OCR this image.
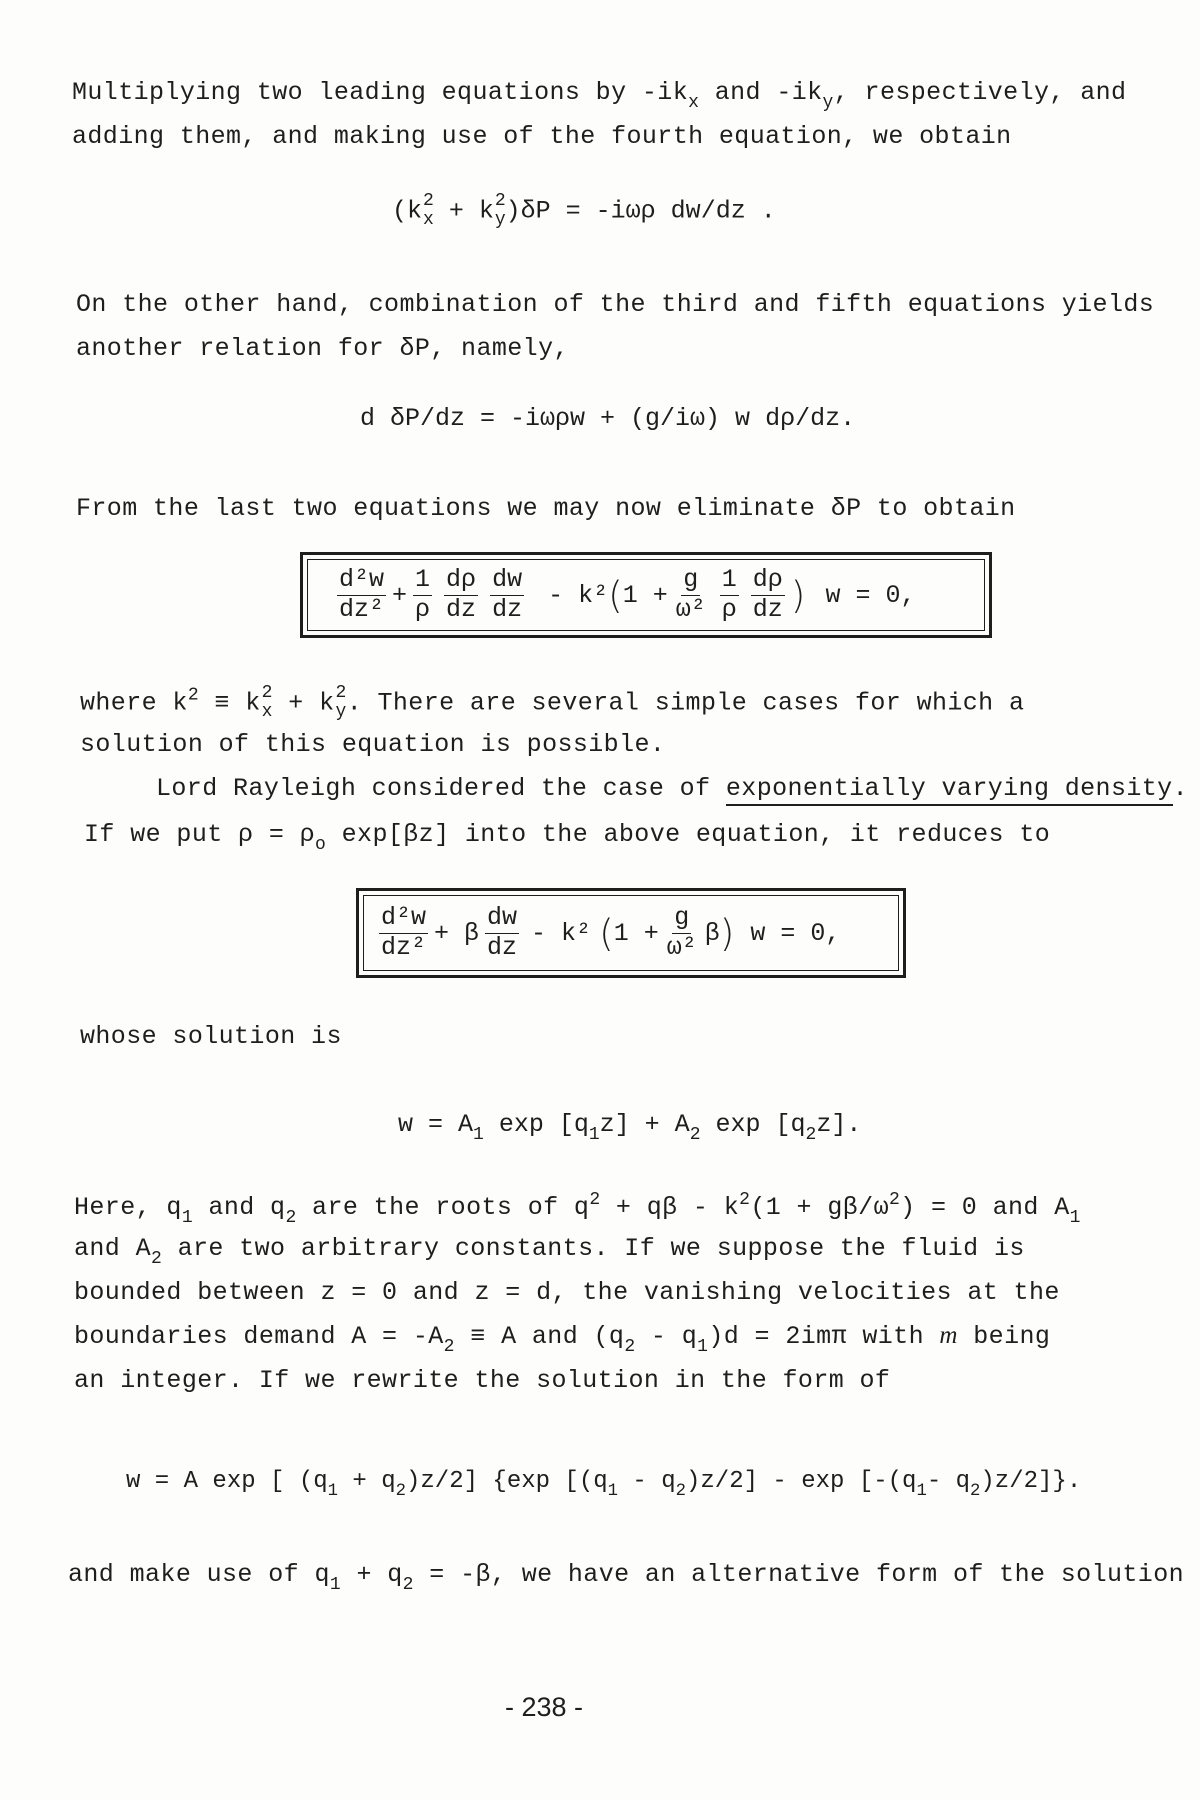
Multiplying two leading equations by $-ik_x$ and $-ik_y$, respectively, and
adding them, and making use of the fourth equation, we obtain
(k 2
x + k 2
y )δP = -iωρ dw/dz .
On the other hand, combination of the third and fifth equations yields
another relation for δP, namely,
d δP/dz = -iωρw + (g/iω) w dρ/dz.
From the last two equations we may now eliminate δP to obtain
$\frac{\text{d²w}}{\text{dz²}} + \frac{1}{\rho} \frac{d\rho}{dz} \frac{dw}{dz} - k^2$ ( $1 + \frac{g}{\text{ω²}} \frac{1}{\rho} \frac{d\rho}{dz}$ ) w = 0,
where $k^2 \equiv k$ 2
x + k 2
y . There are several simple cases for which a
solution of this equation is possible.
Lord Rayleigh considered the case of exponentially varying density.
If we put $\rho = \rho_o$ exp[βz] into the above equation, it reduces to
$\frac{\text{d²w}}{\text{dz²}} + \beta \frac{dw}{dz} - k^2$ ( $1 + \frac{g}{\text{ω²}}$ β ) w = 0,
whose solution is
$w = A_1$ $\exp [q_1z] + A_2$ $\exp [q_2z]$.
Here, $q_1$ and $q_2$ are the roots of $q^2 + q\beta - k^2(1 + g\beta/\omega^2) = 0$ and $A_1$
and $A_2$ are two arbitrary constants. If we suppose the fluid is
bounded between z = 0 and z = d, the vanishing velocities at the
boundaries demand $A = -A_2 \equiv A$ and $(q_2 - q_1)d = 2im\pi$ with m being
an integer. If we rewrite the solution in the form of
w = A exp [ $(q_1 + q_2)z/2$] {exp $[(q_1 - q_2)z/2]$ - $\exp [-(q_1-$ $q_2)z/2$]}.
and make use of $q_1 + q_2 = -\beta$, we have an alternative form of the solution
- 238 -
